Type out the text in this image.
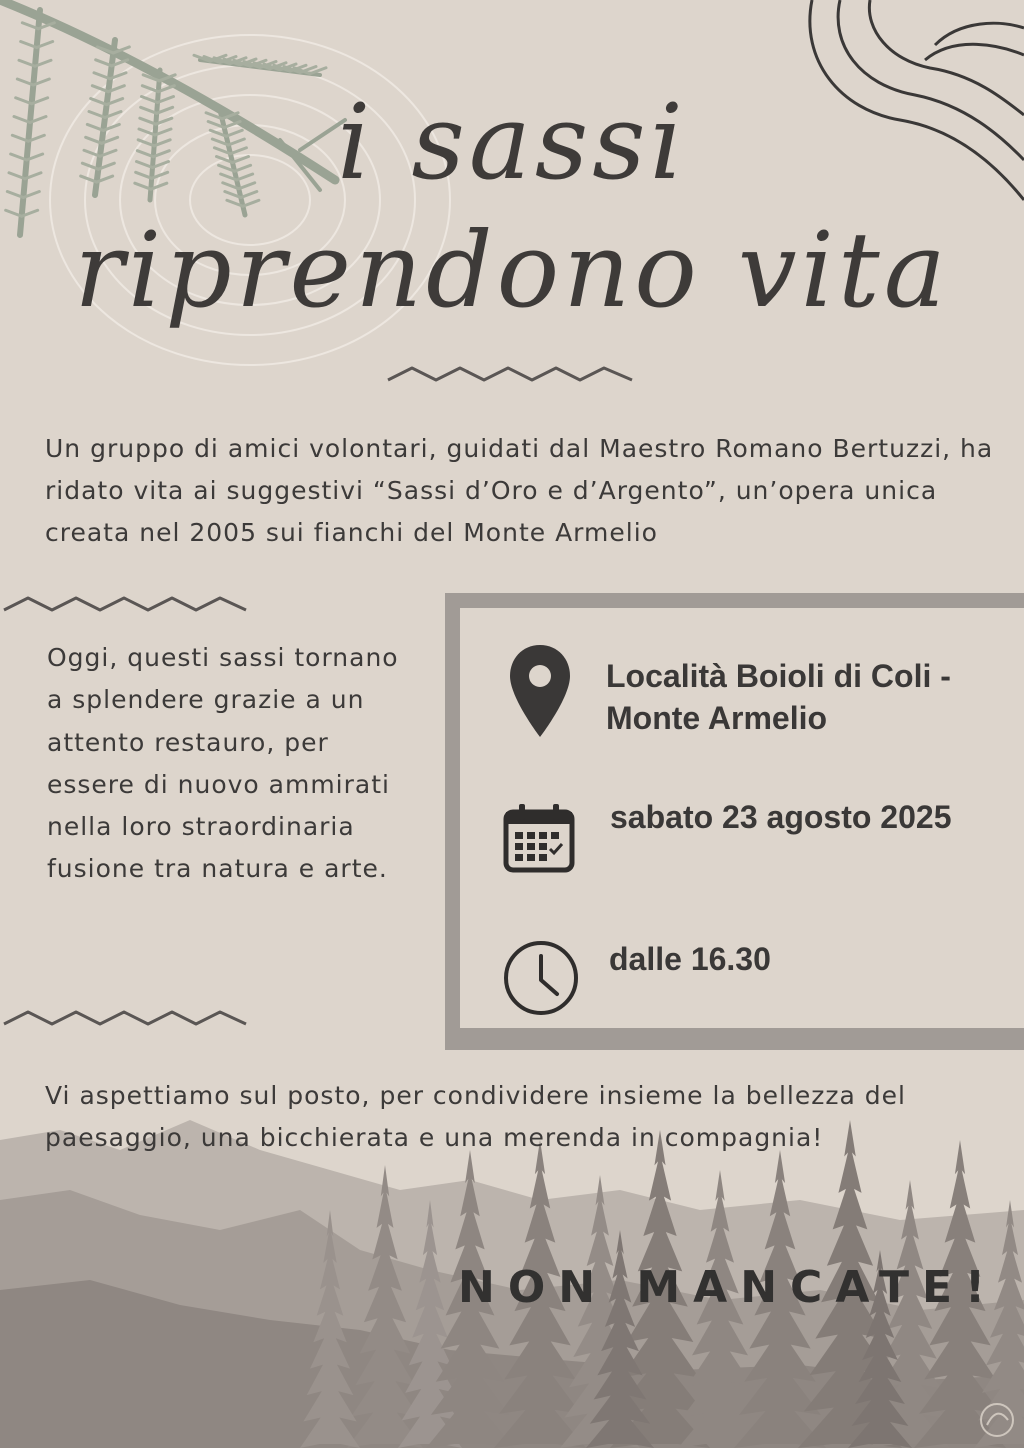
i sassi
riprendono vita

Un gruppo di amici volontari, guidati dal Maestro Romano Bertuzzi, ha ridato vita ai suggestivi “Sassi d’Oro e d’Argento”, un’opera unica creata nel 2005 sui fianchi del Monte Armelio

Oggi, questi sassi tornano a splendere grazie a un attento restauro, per essere di nuovo ammirati nella loro straordinaria fusione tra natura e arte.

Località Boioli di Coli - Monte Armelio

sabato 23 agosto 2025

dalle 16.30

Vi aspettiamo sul posto, per condividere insieme la bellezza del paesaggio, una bicchierata e una merenda in compagnia!

NON MANCATE!
